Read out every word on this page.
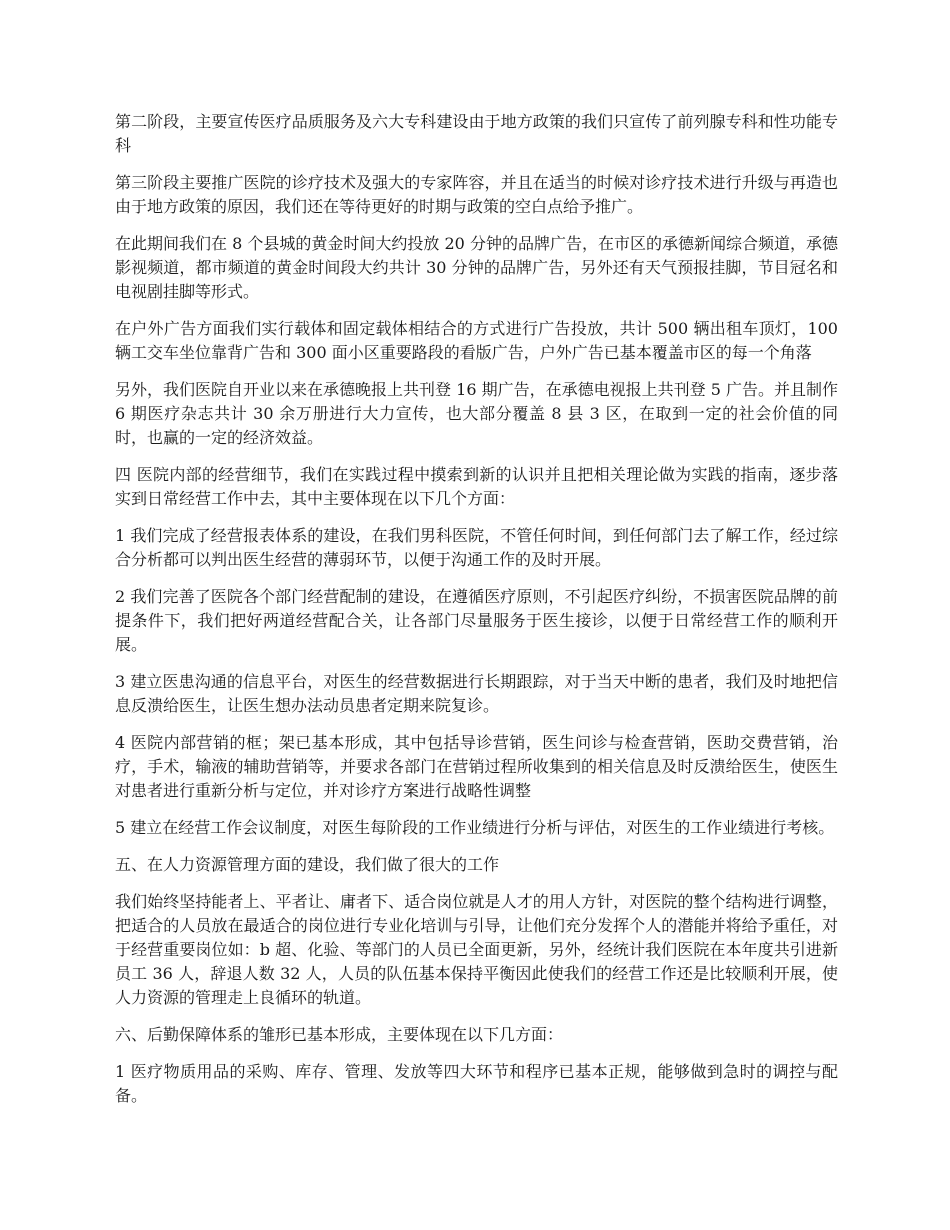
第二阶段，主要宣传医疗品质服务及六大专科建设由于地方政策的我们只宣传了前列腺专科和性功能专科

第三阶段主要推广医院的诊疗技术及强大的专家阵容，并且在适当的时候对诊疗技术进行升级与再造也由于地方政策的原因，我们还在等待更好的时期与政策的空白点给予推广。

在此期间我们在 8 个县城的黄金时间大约投放 20 分钟的品牌广告，在市区的承德新闻综合频道，承德影视频道，都市频道的黄金时间段大约共计 30 分钟的品牌广告，另外还有天气预报挂脚，节目冠名和电视剧挂脚等形式。

在户外广告方面我们实行载体和固定载体相结合的方式进行广告投放，共计 500 辆出租车顶灯，100 辆工交车坐位靠背广告和 300 面小区重要路段的看版广告，户外广告已基本覆盖市区的每一个角落

另外，我们医院自开业以来在承德晚报上共刊登 16 期广告，在承德电视报上共刊登 5 广告。并且制作 6 期医疗杂志共计 30 余万册进行大力宣传，也大部分覆盖 8 县 3 区，在取到一定的社会价值的同时，也赢的一定的经济效益。

四 医院内部的经营细节，我们在实践过程中摸索到新的认识并且把相关理论做为实践的指南，逐步落实到日常经营工作中去，其中主要体现在以下几个方面：

1 我们完成了经营报表体系的建设，在我们男科医院，不管任何时间，到任何部门去了解工作，经过综合分析都可以判出医生经营的薄弱环节，以便于沟通工作的及时开展。

2 我们完善了医院各个部门经营配制的建设，在遵循医疗原则，不引起医疗纠纷，不损害医院品牌的前提条件下，我们把好两道经营配合关，让各部门尽量服务于医生接诊，以便于日常经营工作的顺利开展。

3 建立医患沟通的信息平台，对医生的经营数据进行长期跟踪，对于当天中断的患者，我们及时地把信息反溃给医生，让医生想办法动员患者定期来院复诊。

4 医院内部营销的框；架已基本形成，其中包括导诊营销，医生问诊与检查营销，医助交费营销，治疗，手术，输液的辅助营销等，并要求各部门在营销过程所收集到的相关信息及时反溃给医生，使医生对患者进行重新分析与定位，并对诊疗方案进行战略性调整

5 建立在经营工作会议制度，对医生每阶段的工作业绩进行分析与评估，对医生的工作业绩进行考核。

五、在人力资源管理方面的建设，我们做了很大的工作

我们始终坚持能者上、平者让、庸者下、适合岗位就是人才的用人方针，对医院的整个结构进行调整，把适合的人员放在最适合的岗位进行专业化培训与引导，让他们充分发挥个人的潜能并将给予重任，对于经营重要岗位如：b 超、化验、等部门的人员已全面更新，另外，经统计我们医院在本年度共引进新员工 36 人，辞退人数 32 人，人员的队伍基本保持平衡因此使我们的经营工作还是比较顺利开展，使人力资源的管理走上良循环的轨道。

六、后勤保障体系的雏形已基本形成，主要体现在以下几方面：

1 医疗物质用品的采购、库存、管理、发放等四大环节和程序已基本正规，能够做到急时的调控与配备。
